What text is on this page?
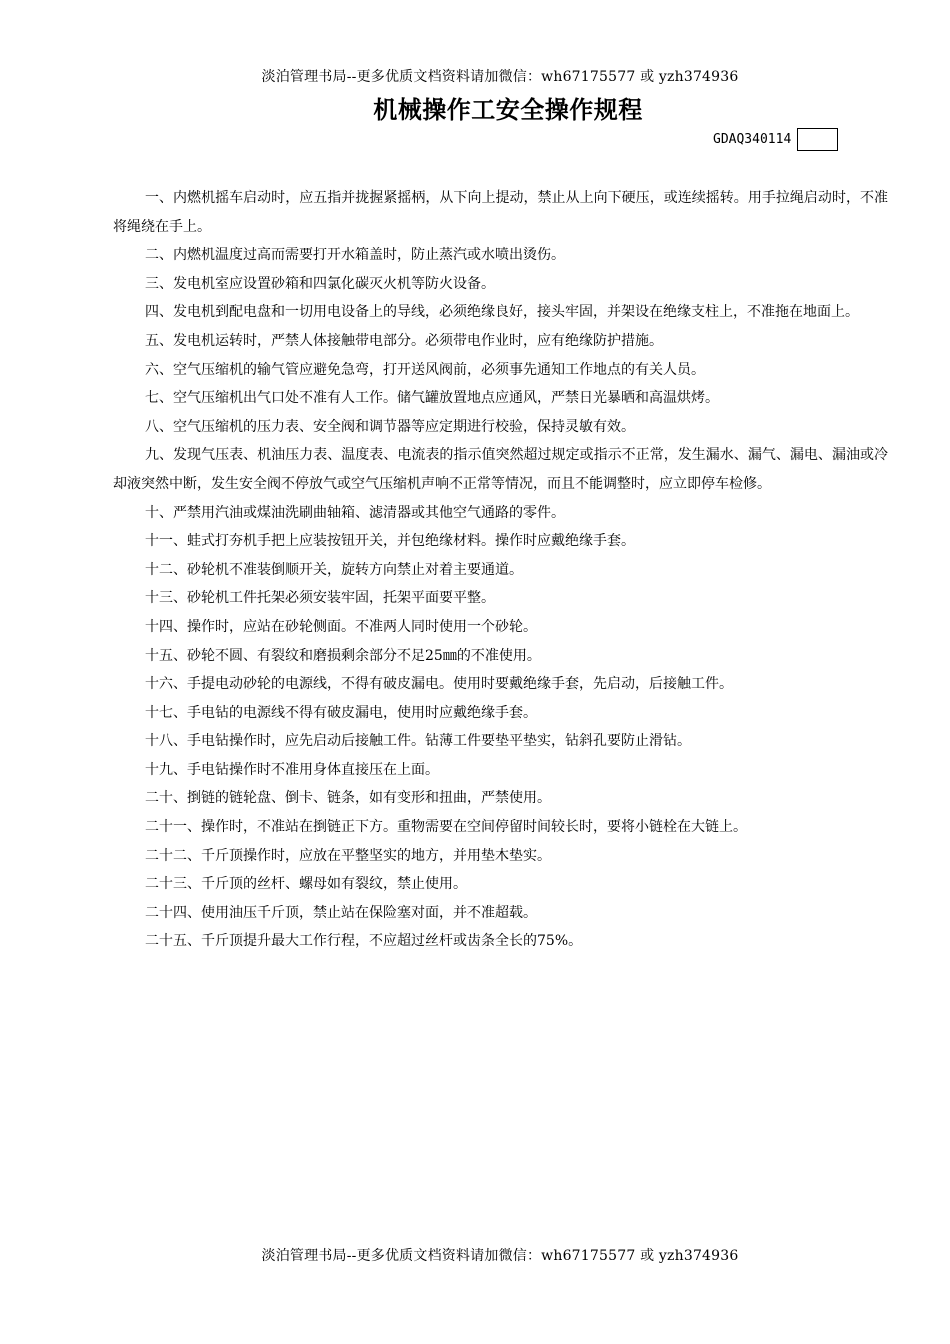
淡泊管理书局--更多优质文档资料请加微信：wh67175577 或 yzh374936
机械操作工安全操作规程
GDAQ340114

一、内燃机摇车启动时，应五指并拢握紧摇柄，从下向上提动，禁止从上向下硬压，或连续摇转。用手拉绳启动时，不准将绳绕在手上。

二、内燃机温度过高而需要打开水箱盖时，防止蒸汽或水喷出烫伤。

三、发电机室应设置砂箱和四氯化碳灭火机等防火设备。

四、发电机到配电盘和一切用电设备上的导线，必须绝缘良好，接头牢固，并架设在绝缘支柱上，不准拖在地面上。

五、发电机运转时，严禁人体接触带电部分。必须带电作业时，应有绝缘防护措施。

六、空气压缩机的输气管应避免急弯，打开送风阀前，必须事先通知工作地点的有关人员。

七、空气压缩机出气口处不准有人工作。储气罐放置地点应通风，严禁日光暴晒和高温烘烤。

八、空气压缩机的压力表、安全阀和调节器等应定期进行校验，保持灵敏有效。

九、发现气压表、机油压力表、温度表、电流表的指示值突然超过规定或指示不正常，发生漏水、漏气、漏电、漏油或冷却液突然中断，发生安全阀不停放气或空气压缩机声响不正常等情况，而且不能调整时，应立即停车检修。

十、严禁用汽油或煤油洗刷曲轴箱、滤清器或其他空气通路的零件。

十一、蛙式打夯机手把上应装按钮开关，并包绝缘材料。操作时应戴绝缘手套。

十二、砂轮机不准装倒顺开关，旋转方向禁止对着主要通道。

十三、砂轮机工件托架必须安装牢固，托架平面要平整。

十四、操作时，应站在砂轮侧面。不准两人同时使用一个砂轮。

十五、砂轮不圆、有裂纹和磨损剩余部分不足25㎜的不准使用。

十六、手提电动砂轮的电源线，不得有破皮漏电。使用时要戴绝缘手套，先启动，后接触工件。

十七、手电钻的电源线不得有破皮漏电，使用时应戴绝缘手套。

十八、手电钻操作时，应先启动后接触工件。钻薄工件要垫平垫实，钻斜孔要防止滑钻。

十九、手电钻操作时不准用身体直接压在上面。

二十、捯链的链轮盘、倒卡、链条，如有变形和扭曲，严禁使用。

二十一、操作时，不准站在捯链正下方。重物需要在空间停留时间较长时，要将小链栓在大链上。

二十二、千斤顶操作时，应放在平整坚实的地方，并用垫木垫实。

二十三、千斤顶的丝杆、螺母如有裂纹，禁止使用。

二十四、使用油压千斤顶，禁止站在保险塞对面，并不准超载。

二十五、千斤顶提升最大工作行程，不应超过丝杆或齿条全长的75%。

淡泊管理书局--更多优质文档资料请加微信：wh67175577 或 yzh374936
